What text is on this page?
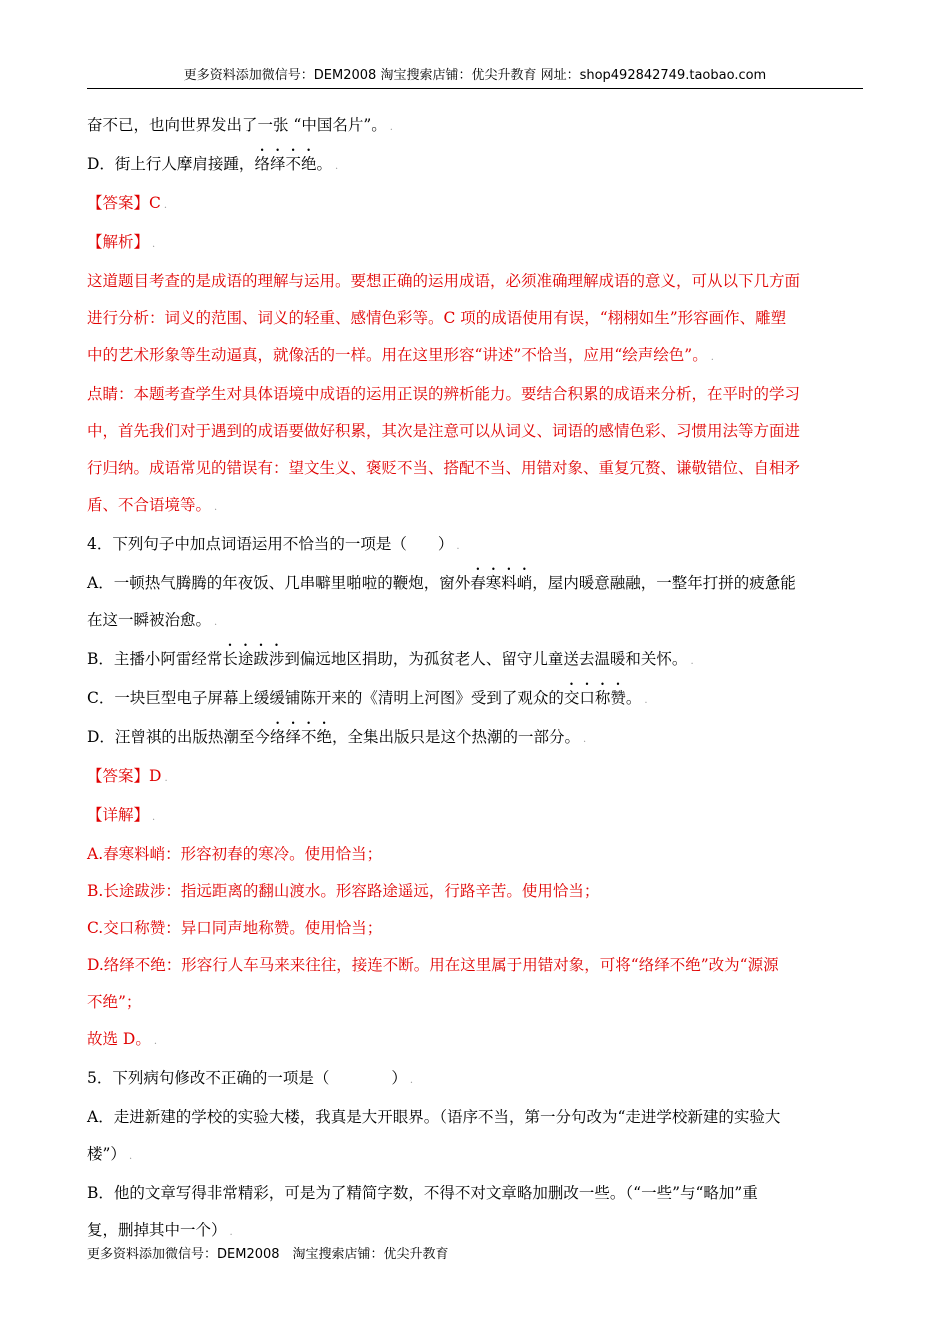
更多资料添加微信号：DEM2008 淘宝搜索店铺：优尖升教育 网址：shop492842749.taobao.com

奋不已，也向世界发出了一张 “中国名片”。 .

D．街上行人摩肩接踵，络绎不绝。 .

【答案】C .

【解析】 .

这道题目考查的是成语的理解与运用。要想正确的运用成语，必须准确理解成语的意义，可从以下几方面

进行分析：词义的范围、词义的轻重、感情色彩等。C 项的成语使用有误，“栩栩如生”形容画作、雕塑

中的艺术形象等生动逼真，就像活的一样。用在这里形容“讲述”不恰当，应用“绘声绘色”。 .

点睛：本题考查学生对具体语境中成语的运用正误的辨析能力。要结合积累的成语来分析，在平时的学习

中，首先我们对于遇到的成语要做好积累，其次是注意可以从词义、词语的感情色彩、习惯用法等方面进

行归纳。成语常见的错误有：望文生义、褒贬不当、搭配不当、用错对象、重复冗赘、谦敬错位、自相矛

盾、不合语境等。 .

4．下列句子中加点词语运用不恰当的一项是（　　） .

A．一顿热气腾腾的年夜饭、几串噼里啪啦的鞭炮，窗外春寒料峭，屋内暖意融融，一整年打拼的疲惫能

在这一瞬被治愈。 .

B．主播小阿雷经常长途跋涉到偏远地区捐助，为孤贫老人、留守儿童送去温暖和关怀。 .

C．一块巨型电子屏幕上缓缓铺陈开来的《清明上河图》受到了观众的交口称赞。 .

D．汪曾祺的出版热潮至今络绎不绝，全集出版只是这个热潮的一部分。 .

【答案】D .

【详解】 .

A.春寒料峭：形容初春的寒冷。使用恰当；

B.长途跋涉：指远距离的翻山渡水。形容路途遥远，行路辛苦。使用恰当；

C.交口称赞：异口同声地称赞。使用恰当；

D.络绎不绝：形容行人车马来来往往，接连不断。用在这里属于用错对象，可将“络绎不绝”改为“源源

不绝”；

故选 D。 .

5．下列病句修改不正确的一项是（　　　　） .

A．走进新建的学校的实验大楼，我真是大开眼界。（语序不当，第一分句改为“走进学校新建的实验大

楼”） .

B．他的文章写得非常精彩，可是为了精简字数，不得不对文章略加删改一些。（“一些”与“略加”重

复，删掉其中一个） .

更多资料添加微信号：DEM2008　淘宝搜索店铺：优尖升教育
